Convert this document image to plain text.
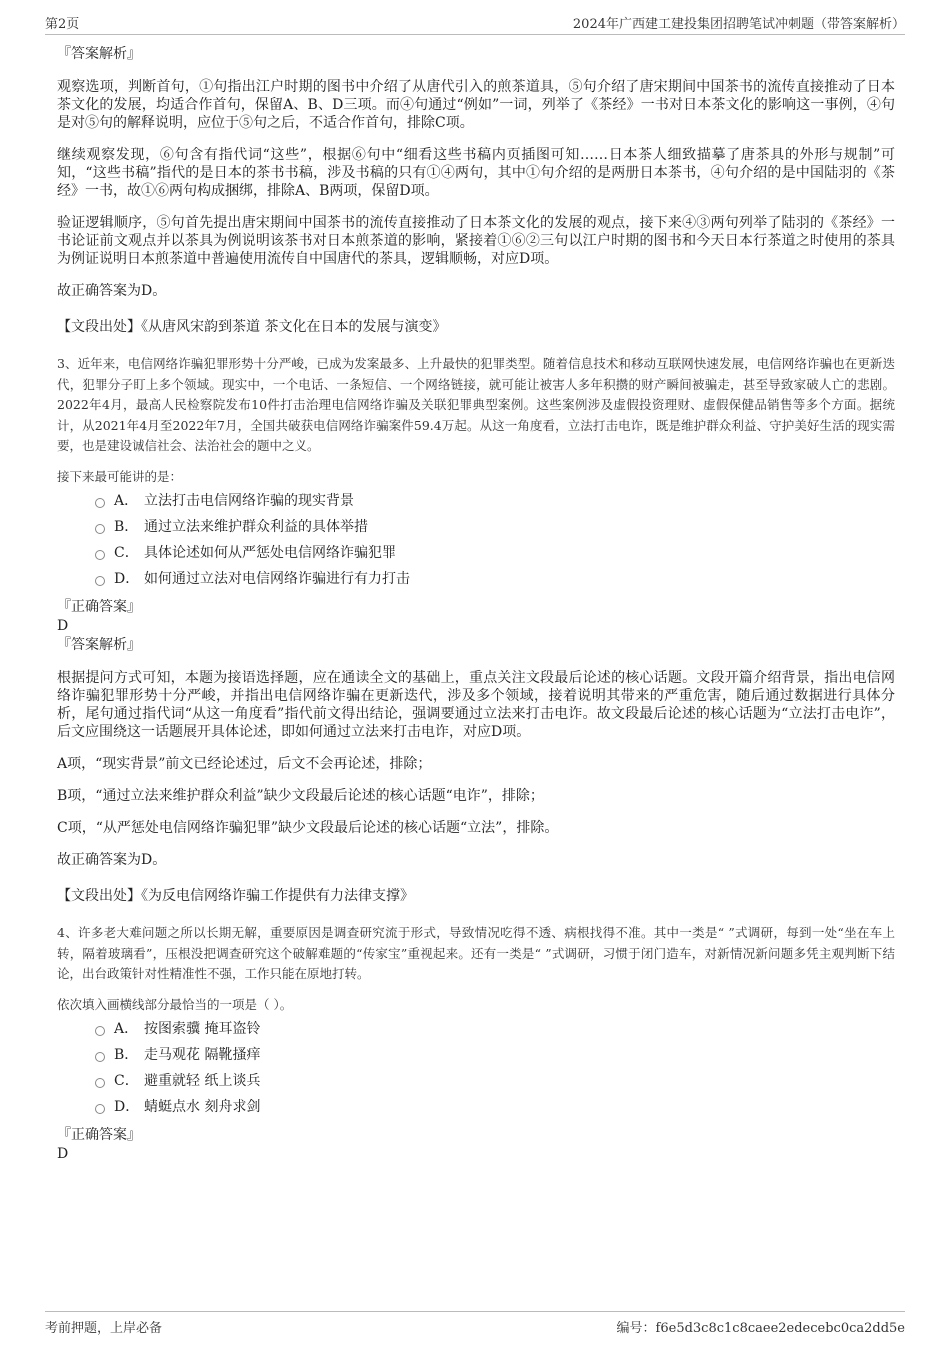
第2页	2024年广西建工建投集团招聘笔试冲刺题（带答案解析）

『答案解析』

观察选项，判断首句，①句指出江户时期的图书中介绍了从唐代引入的煎茶道具，⑤句介绍了唐宋期间中国茶书的流传直接推动了日本茶文化的发展，均适合作首句，保留A、B、D三项。而④句通过“例如”一词，列举了《茶经》一书对日本茶文化的影响这一事例，④句是对⑤句的解释说明，应位于⑤句之后，不适合作首句，排除C项。

继续观察发现，⑥句含有指代词“这些”，根据⑥句中“细看这些书稿内页插图可知……日本茶人细致描摹了唐茶具的外形与规制”可知，“这些书稿”指代的是日本的茶书书稿，涉及书稿的只有①④两句，其中①句介绍的是两册日本茶书，④句介绍的是中国陆羽的《茶经》一书，故①⑥两句构成捆绑，排除A、B两项，保留D项。

验证逻辑顺序，⑤句首先提出唐宋期间中国茶书的流传直接推动了日本茶文化的发展的观点，接下来④③两句列举了陆羽的《茶经》一书论证前文观点并以茶具为例说明该茶书对日本煎茶道的影响，紧接着①⑥②三句以江户时期的图书和今天日本行茶道之时使用的茶具为例证说明日本煎茶道中普遍使用流传自中国唐代的茶具，逻辑顺畅，对应D项。

故正确答案为D。

【文段出处】《从唐风宋韵到茶道 茶文化在日本的发展与演变》

3、近年来，电信网络诈骗犯罪形势十分严峻，已成为发案最多、上升最快的犯罪类型。随着信息技术和移动互联网快速发展，电信网络诈骗也在更新迭代，犯罪分子盯上多个领域。现实中，一个电话、一条短信、一个网络链接，就可能让被害人多年积攒的财产瞬间被骗走，甚至导致家破人亡的悲剧。2022年4月，最高人民检察院发布10件打击治理电信网络诈骗及关联犯罪典型案例。这些案例涉及虚假投资理财、虚假保健品销售等多个方面。据统计，从2021年4月至2022年7月，全国共破获电信网络诈骗案件59.4万起。从这一角度看，立法打击电诈，既是维护群众利益、守护美好生活的现实需要，也是建设诚信社会、法治社会的题中之义。

接下来最可能讲的是：

A． 立法打击电信网络诈骗的现实背景
B． 通过立法来维护群众利益的具体举措
C． 具体论述如何从严惩处电信网络诈骗犯罪
D． 如何通过立法对电信网络诈骗进行有力打击

『正确答案』

D

『答案解析』

根据提问方式可知，本题为接语选择题，应在通读全文的基础上，重点关注文段最后论述的核心话题。文段开篇介绍背景，指出电信网络诈骗犯罪形势十分严峻，并指出电信网络诈骗在更新迭代，涉及多个领域，接着说明其带来的严重危害，随后通过数据进行具体分析，尾句通过指代词“从这一角度看”指代前文得出结论，强调要通过立法来打击电诈。故文段最后论述的核心话题为“立法打击电诈”，后文应围绕这一话题展开具体论述，即如何通过立法来打击电诈，对应D项。

A项，“现实背景”前文已经论述过，后文不会再论述，排除；

B项，“通过立法来维护群众利益”缺少文段最后论述的核心话题“电诈”，排除；

C项，“从严惩处电信网络诈骗犯罪”缺少文段最后论述的核心话题“立法”，排除。

故正确答案为D。

【文段出处】《为反电信网络诈骗工作提供有力法律支撑》

4、许多老大难问题之所以长期无解，重要原因是调查研究流于形式，导致情况吃得不透、病根找得不准。其中一类是“ ”式调研，每到一处“坐在车上转，隔着玻璃看”，压根没把调查研究这个破解难题的“传家宝”重视起来。还有一类是“ ”式调研，习惯于闭门造车，对新情况新问题多凭主观判断下结论，出台政策针对性精准性不强，工作只能在原地打转。

依次填入画横线部分最恰当的一项是（ ）。

A． 按图索骥 掩耳盗铃
B． 走马观花 隔靴搔痒
C． 避重就轻 纸上谈兵
D． 蜻蜓点水 刻舟求剑

『正确答案』

D

考前押题，上岸必备	编号：f6e5d3c8c1c8caee2edecebc0ca2dd5e
